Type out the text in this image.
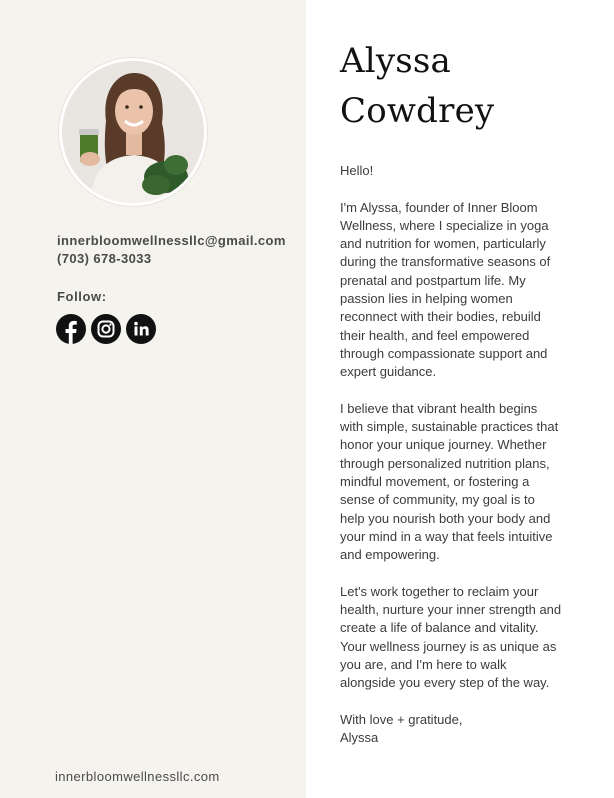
innerbloomwellnessllc@gmail.com
(703) 678-3033
Follow:
innerbloomwellnessllc.com
Alyssa
Cowdrey

Hello!

I'm Alyssa, founder of Inner Bloom Wellness, where I specialize in yoga and nutrition for women, particularly during the transformative seasons of prenatal and postpartum life. My passion lies in helping women reconnect with their bodies, rebuild their health, and feel empowered through compassionate support and expert guidance.

I believe that vibrant health begins with simple, sustainable practices that honor your unique journey. Whether through personalized nutrition plans, mindful movement, or fostering a sense of community, my goal is to help you nourish both your body and your mind in a way that feels intuitive and empowering.

Let's work together to reclaim your health, nurture your inner strength and create a life of balance and vitality. Your wellness journey is as unique as you are, and I'm here to walk alongside you every step of the way.

With love + gratitude,
Alyssa
